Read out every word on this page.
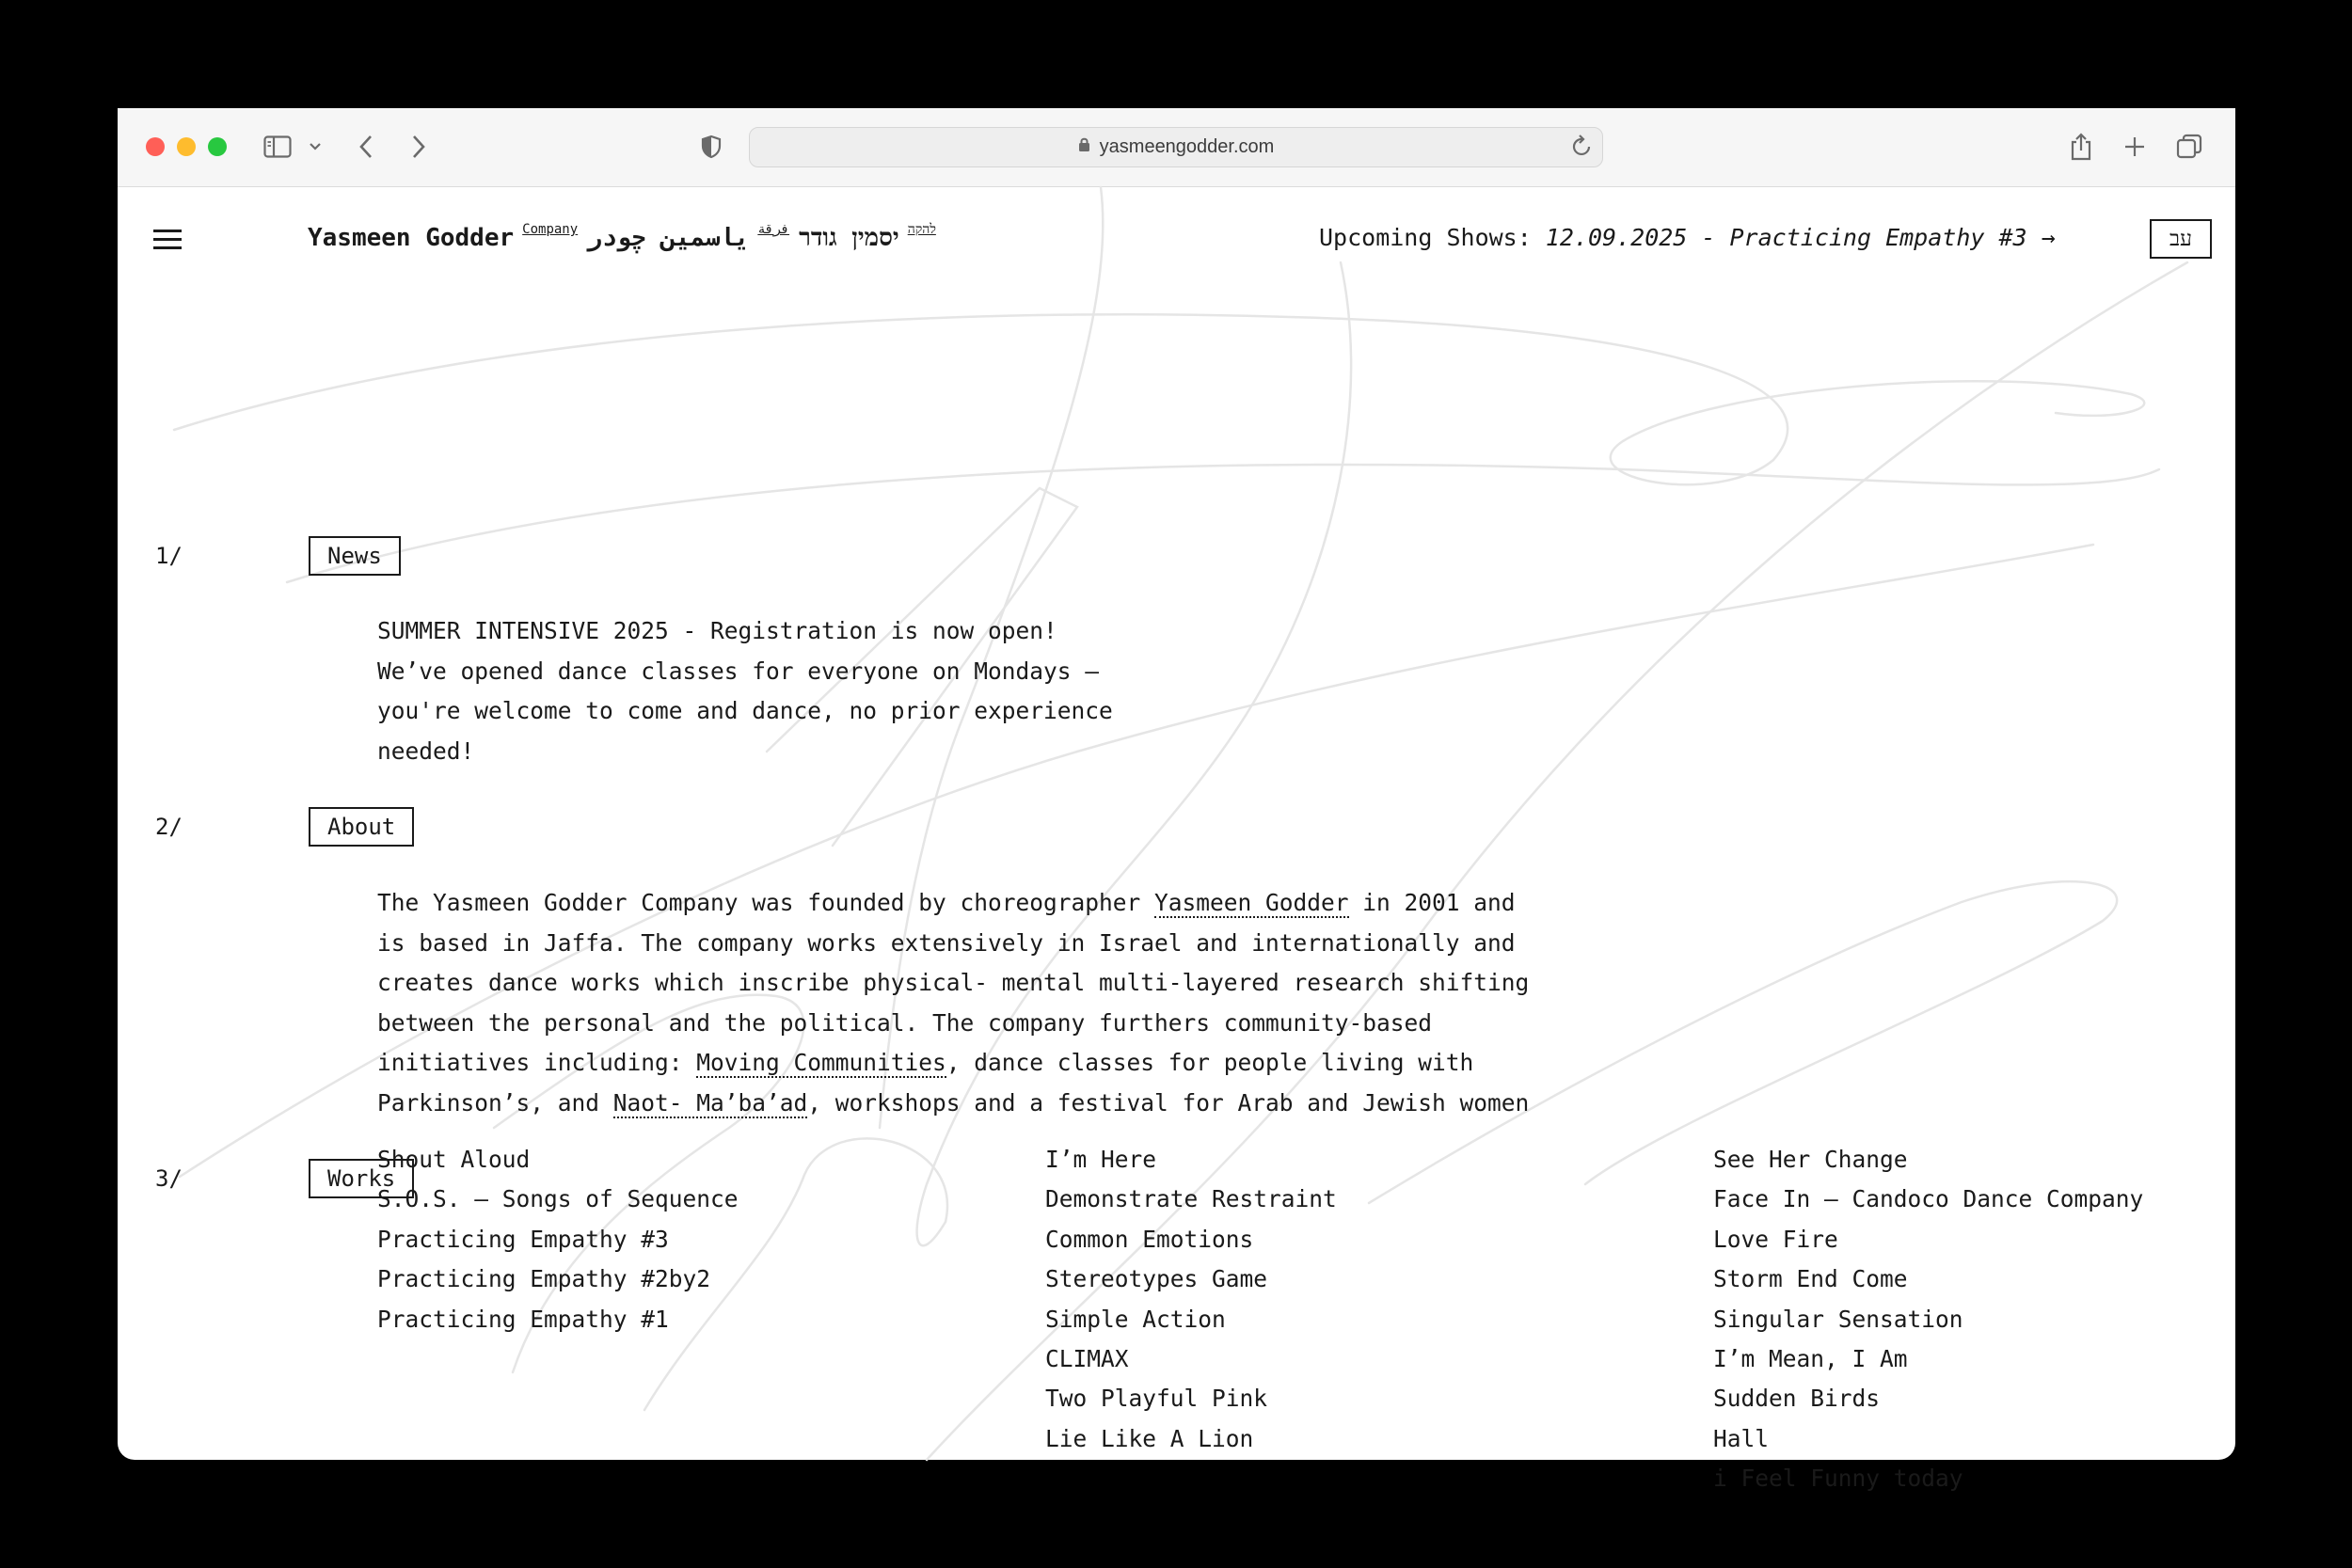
yasmeengodder.com
Yasmeen Godder Company ياسمين چودر فرقة יסמין גודר להקה	Upcoming Shows: 12.09.2025 - Practicing Empathy #3 →	עב
1/	News
SUMMER INTENSIVE 2025 - Registration is now open!
We’ve opened dance classes for everyone on Mondays –
you're welcome to come and dance, no prior experience
needed!
2/	About
The Yasmeen Godder Company was founded by choreographer Yasmeen Godder in 2001 and
is based in Jaffa. The company works extensively in Israel and internationally and
creates dance works which inscribe physical- mental multi-layered research shifting
between the personal and the political. The company furthers community-based
initiatives including: Moving Communities, dance classes for people living with
Parkinson’s, and Naot- Ma’ba’ad, workshops and a festival for Arab and Jewish women
3/	Works
Shout Aloud
S.O.S. – Songs of Sequence
Practicing Empathy #3
Practicing Empathy #2by2
Practicing Empathy #1
I’m Here
Demonstrate Restraint
Common Emotions
Stereotypes Game
Simple Action
CLIMAX
Two Playful Pink
Lie Like A Lion
See Her Change
Face In – Candoco Dance Company
Love Fire
Storm End Come
Singular Sensation
I’m Mean, I Am
Sudden Birds
Hall
i Feel Funny today
